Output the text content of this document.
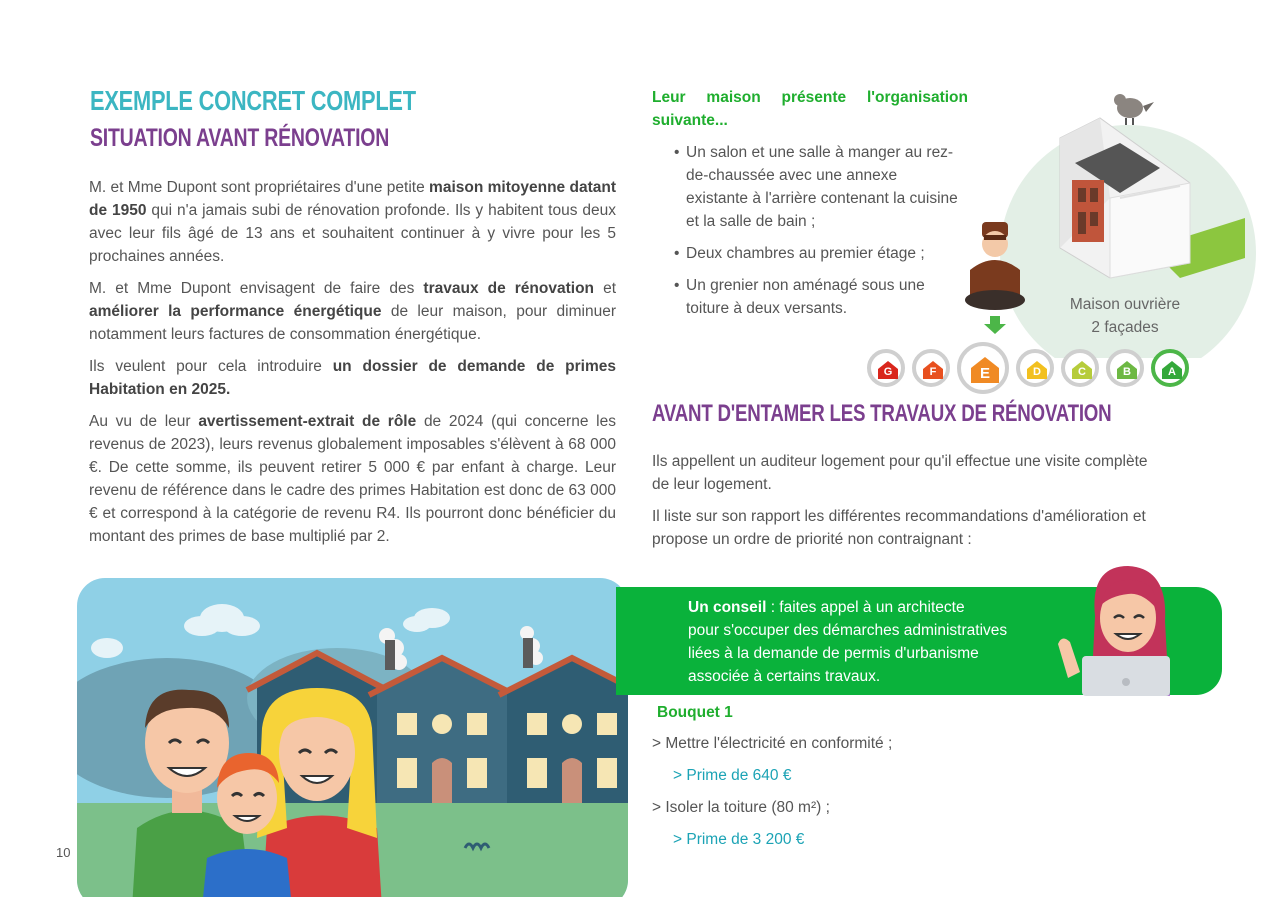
EXEMPLE CONCRET COMPLET
SITUATION AVANT RÉNOVATION

M. et Mme Dupont sont propriétaires d'une petite maison mitoyenne datant de 1950 qui n'a jamais subi de rénovation profonde. Ils y habitent tous deux avec leur fils âgé de 13 ans et souhaitent continuer à y vivre pour les 5 prochaines années.

M. et Mme Dupont envisagent de faire des travaux de rénovation et améliorer la performance énergétique de leur maison, pour diminuer notamment leurs factures de consommation énergétique.

Ils veulent pour cela introduire un dossier de demande de primes Habitation en 2025.

Au vu de leur avertissement-extrait de rôle de 2024 (qui concerne les revenus de 2023), leurs revenus globalement imposables s'élèvent à 68 000 €. De cette somme, ils peuvent retirer 5 000 € par enfant à charge. Leur revenu de référence dans le cadre des primes Habitation est donc de 63 000 € et correspond à la catégorie de revenu R4. Ils pourront donc bénéficier du montant des primes de base multiplié par 2.

Leur maison présente l'organisation suivante...
• Un salon et une salle à manger au rez-de-chaussée avec une annexe existante à l'arrière contenant la cuisine et la salle de bain ;
• Deux chambres au premier étage ;
• Un grenier non aménagé sous une toiture à deux versants.	Maison ouvrière
2 façades
G	F	E	D	C	B	A
AVANT D'ENTAMER LES TRAVAUX DE RÉNOVATION

Ils appellent un auditeur logement pour qu'il effectue une visite complète de leur logement.

Il liste sur son rapport les différentes recommandations d'amélioration et propose un ordre de priorité non contraignant :

Un conseil : faites appel à un architecte
pour s'occuper des démarches administratives
liées à la demande de permis d'urbanisme
associée à certains travaux.
Bouquet 1
> Mettre l'électricité en conformité ;
> Prime de 640 €
> Isoler la toiture (80 m²) ;
> Prime de 3 200 €
10
